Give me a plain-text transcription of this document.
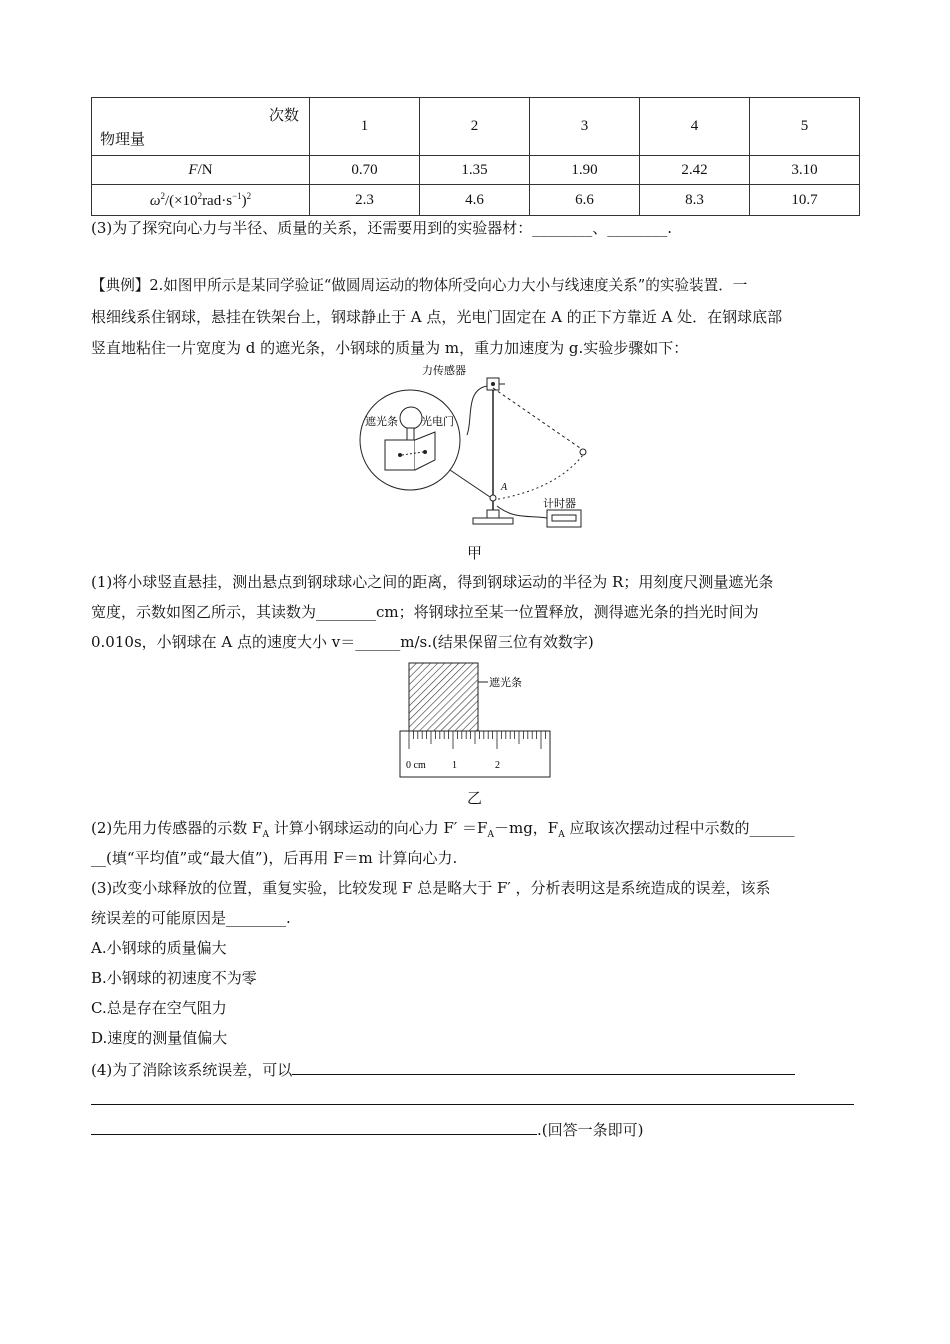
次数
物理量	1	2	3	4	5
F/N	0.70	1.35	1.90	2.42	3.10
$\omega^2/(\times 10^2rad\cdot s^{-1})^2$	2.3	4.6	6.6	8.3	10.7
(3)为了探究向心力与半径、质量的关系，还需要用到的实验器材：________、________.
【典例】2.如图甲所示是某同学验证“做圆周运动的物体所受向心力大小与线速度关系”的实验装置．一
根细线系住钢球，悬挂在铁架台上，钢球静止于 A 点，光电门固定在 A 的正下方靠近 A 处．在钢球底部
竖直地粘住一片宽度为 d 的遮光条，小钢球的质量为 m，重力加速度为 g.实验步骤如下：
A
遮光条 光电门
力传感器
计时器
甲
(1)将小球竖直悬挂，测出悬点到钢球球心之间的距离，得到钢球运动的半径为 R；用刻度尺测量遮光条
宽度，示数如图乙所示，其读数为________cm；将钢球拉至某一位置释放，测得遮光条的挡光时间为
0.010s，小钢球在 A 点的速度大小 v＝______m/s.(结果保留三位有效数字)
遮光条
0 cm	1	2
乙
(2)先用力传感器的示数 $F_A$ 计算小钢球运动的向心力 $F' =F_A-mg$，$F_A$ 应取该次摆动过程中示数的______
__(填“平均值”或“最大值”)，后再用 F＝m 计算向心力.
(3)改变小球释放的位置，重复实验，比较发现 F 总是略大于 F′ ，分析表明这是系统造成的误差，该系
统误差的可能原因是________.
A.小钢球的质量偏大
B.小钢球的初速度不为零
C.总是存在空气阻力
D.速度的测量值偏大
(4)为了消除该系统误差，可以
.(回答一条即可)
